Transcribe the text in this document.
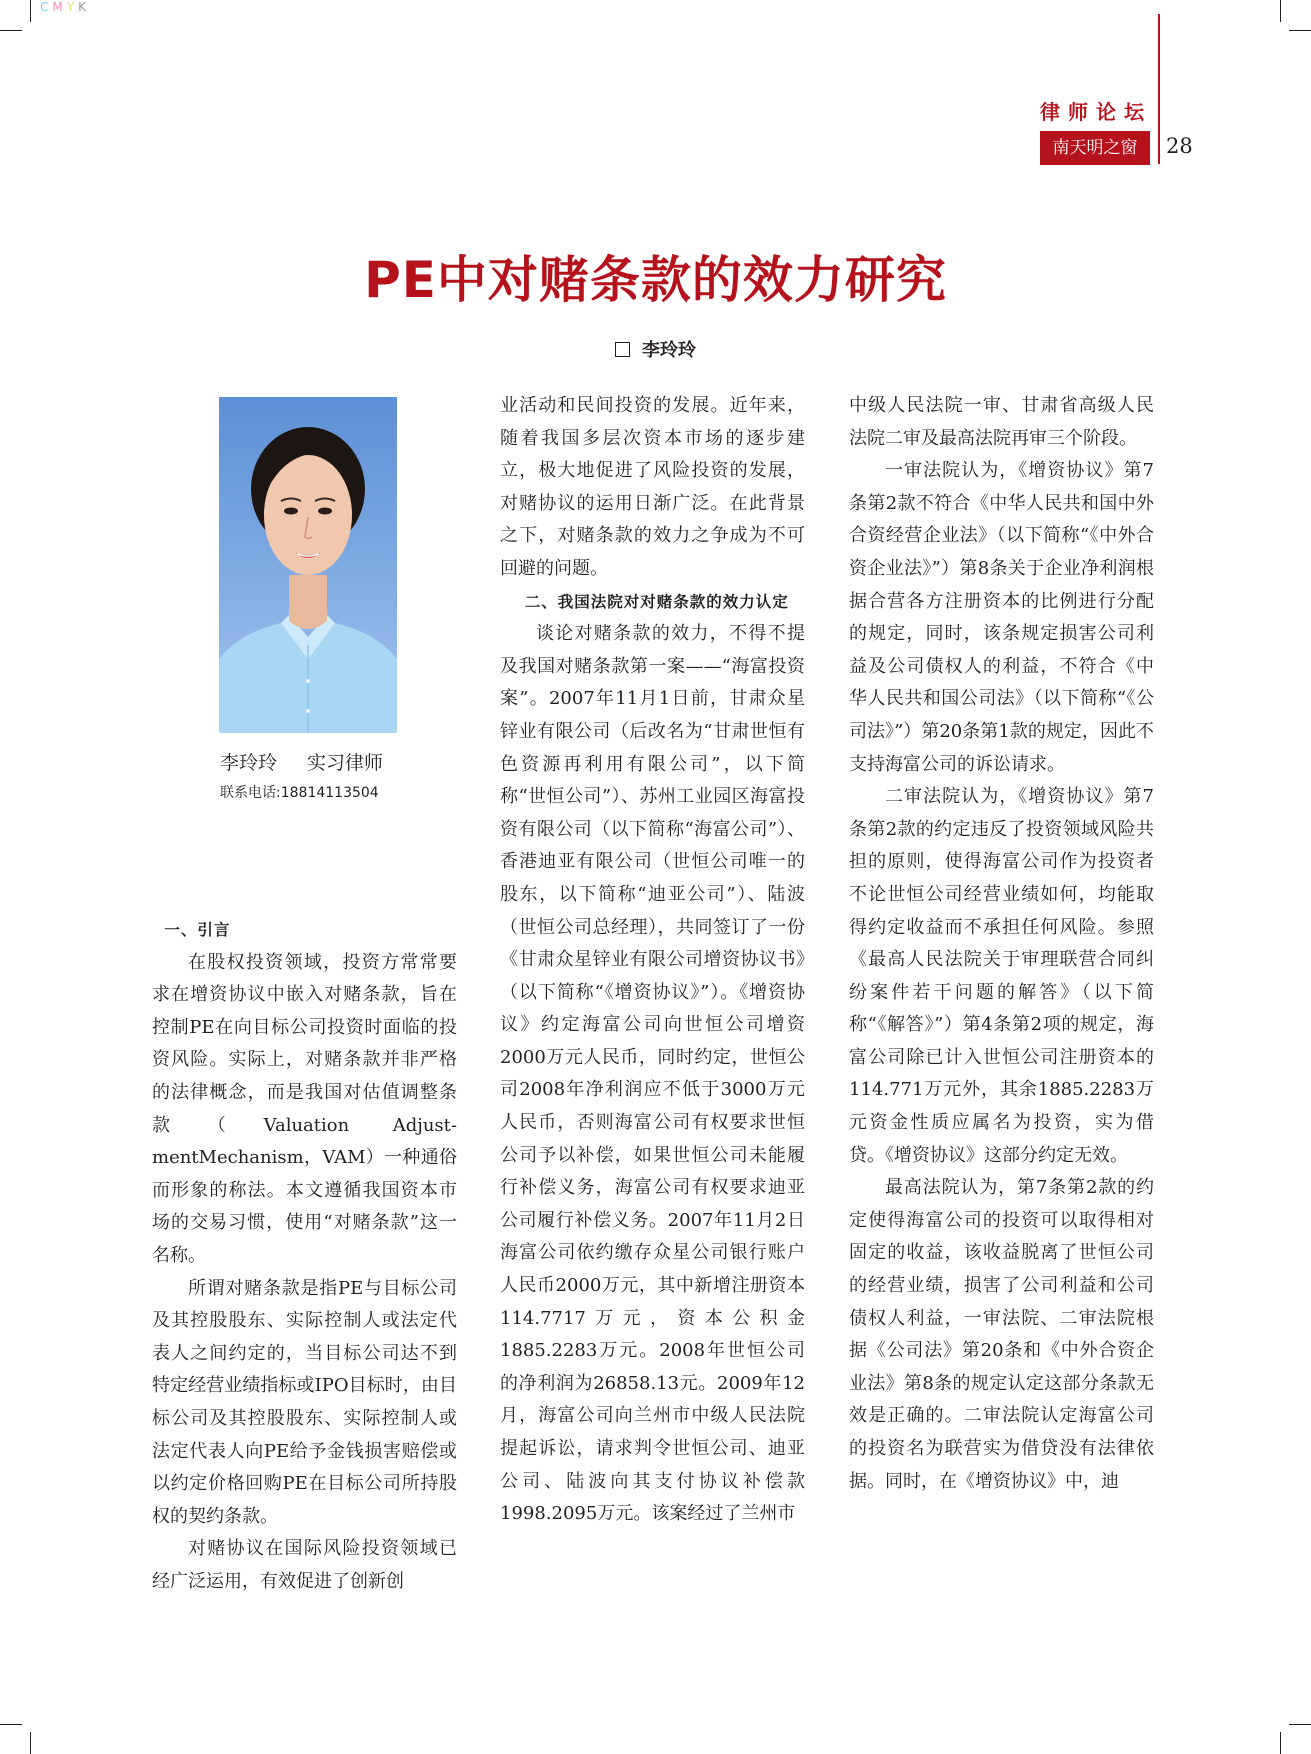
CMYK
律师论坛
南天明之窗	28
PE中对赌条款的效力研究
李玲玲
李玲玲 实习律师
联系电话:18814113504
一、引言

在股权投资领域，投资方常常要求在增资协议中嵌入对赌条款，旨在控制PE在向目标公司投资时面临的投资风险。实际上，对赌条款并非严格的法律概念，而是我国对估值调整条款（Valuation Adjust-mentMechanism，VAM）一种通俗而形象的称法。本文遵循我国资本市场的交易习惯，使用“对赌条款”这一名称。

所谓对赌条款是指PE与目标公司及其控股股东、实际控制人或法定代表人之间约定的，当目标公司达不到特定经营业绩指标或IPO目标时，由目标公司及其控股股东、实际控制人或法定代表人向PE给予金钱损害赔偿或以约定价格回购PE在目标公司所持股权的契约条款。

对赌协议在国际风险投资领域已经广泛运用，有效促进了创新创

业活动和民间投资的发展。近年来，随着我国多层次资本市场的逐步建立，极大地促进了风险投资的发展，对赌协议的运用日渐广泛。在此背景之下，对赌条款的效力之争成为不可回避的问题。

二、我国法院对对赌条款的效力认定

谈论对赌条款的效力，不得不提及我国对赌条款第一案——“海富投资案”。2007年11月1日前，甘肃众星锌业有限公司（后改名为“甘肃世恒有色资源再利用有限公司”，以下简称“世恒公司”）、苏州工业园区海富投资有限公司（以下简称“海富公司”）、香港迪亚有限公司（世恒公司唯一的股东，以下简称“迪亚公司”）、陆波（世恒公司总经理），共同签订了一份《甘肃众星锌业有限公司增资协议书》（以下简称“《增资协议》”）。《增资协议》约定海富公司向世恒公司增资2000万元人民币，同时约定，世恒公司2008年净利润应不低于3000万元人民币，否则海富公司有权要求世恒公司予以补偿，如果世恒公司未能履行补偿义务，海富公司有权要求迪亚公司履行补偿义务。2007年11月2日海富公司依约缴存众星公司银行账户人民币2000万元，其中新增注册资本114.7717万元，资本公积金1885.2283万元。2008年世恒公司的净利润为26858.13元。2009年12月，海富公司向兰州市中级人民法院提起诉讼，请求判令世恒公司、迪亚公司、陆波向其支付协议补偿款1998.2095万元。该案经过了兰州市

中级人民法院一审、甘肃省高级人民法院二审及最高法院再审三个阶段。

一审法院认为，《增资协议》第7条第2款不符合《中华人民共和国中外合资经营企业法》（以下简称“《中外合资企业法》”）第8条关于企业净利润根据合营各方注册资本的比例进行分配的规定，同时，该条规定损害公司利益及公司债权人的利益，不符合《中华人民共和国公司法》（以下简称“《公司法》”）第20条第1款的规定，因此不支持海富公司的诉讼请求。

二审法院认为，《增资协议》第7条第2款的约定违反了投资领域风险共担的原则，使得海富公司作为投资者不论世恒公司经营业绩如何，均能取得约定收益而不承担任何风险。参照《最高人民法院关于审理联营合同纠纷案件若干问题的解答》（以下简称“《解答》”）第4条第2项的规定，海富公司除已计入世恒公司注册资本的114.771万元外，其余1885.2283万元资金性质应属名为投资，实为借贷。《增资协议》这部分约定无效。

最高法院认为，第7条第2款的约定使得海富公司的投资可以取得相对固定的收益，该收益脱离了世恒公司的经营业绩，损害了公司利益和公司债权人利益，一审法院、二审法院根据《公司法》第20条和《中外合资企业法》第8条的规定认定这部分条款无效是正确的。二审法院认定海富公司的投资名为联营实为借贷没有法律依据。同时，在《增资协议》中，迪
